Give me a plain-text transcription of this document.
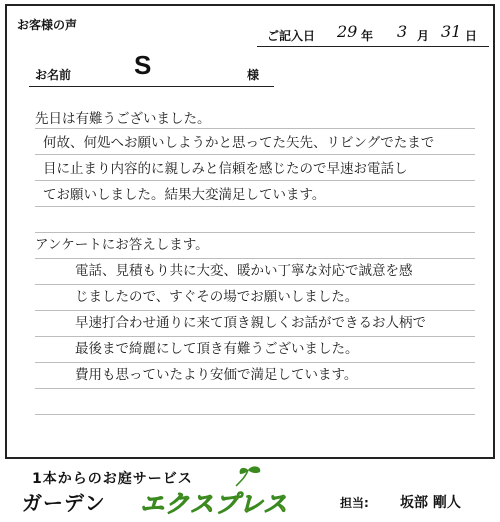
お客様の声
ご記入日 29 年 3 月 31 日
お名前 S	様
先日は有難うございました。
何故、何処へお願いしようかと思ってた矢先、リビングでたまで
目に止まり内容的に親しみと信頼を感じたので早速お電話し
てお願いしました。結果大変満足しています。
アンケートにお答えします。
電話、見積もり共に大変、暖かい丁寧な対応で誠意を感
じましたので、すぐその場でお願いしました。
早速打合わせ通りに来て頂き親しくお話ができるお人柄で
最後まで綺麗にして頂き有難うございました。
費用も思っていたより安価で満足しています。
1本からのお庭サービス
ガーデン エクスプレス	担当: 坂部 剛人
